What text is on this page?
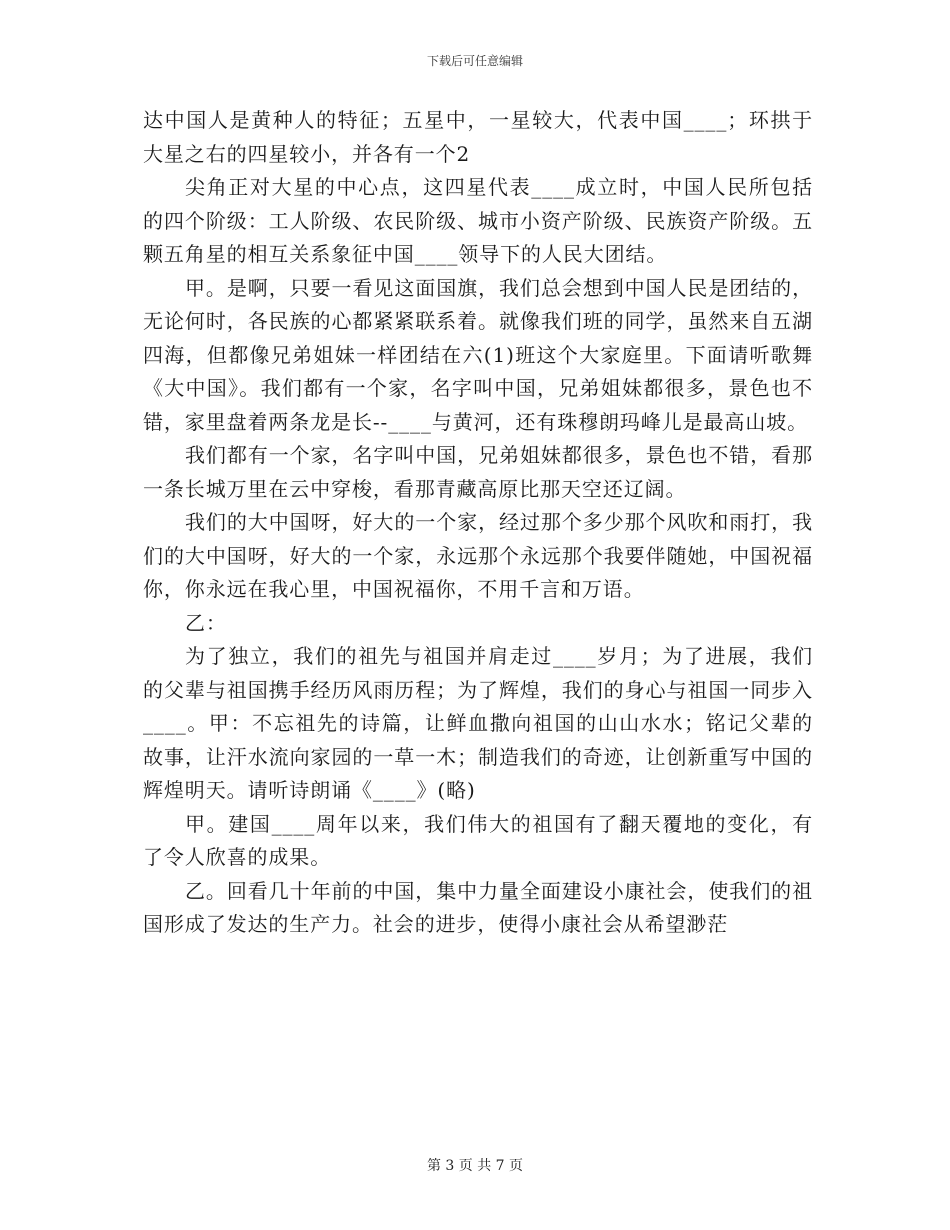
下载后可任意编辑

达中国人是黄种人的特征；五星中，一星较大，代表中国____；环拱于大星之右的四星较小，并各有一个2

尖角正对大星的中心点，这四星代表____成立时，中国人民所包括的四个阶级：工人阶级、农民阶级、城市小资产阶级、民族资产阶级。五颗五角星的相互关系象征中国____领导下的人民大团结。

甲。是啊，只要一看见这面国旗，我们总会想到中国人民是团结的，无论何时，各民族的心都紧紧联系着。就像我们班的同学，虽然来自五湖四海，但都像兄弟姐妹一样团结在六(1)班这个大家庭里。下面请听歌舞《大中国》。我们都有一个家，名字叫中国，兄弟姐妹都很多，景色也不错，家里盘着两条龙是长--____与黄河，还有珠穆朗玛峰儿是最高山坡。

我们都有一个家，名字叫中国，兄弟姐妹都很多，景色也不错，看那一条长城万里在云中穿梭，看那青藏高原比那天空还辽阔。

我们的大中国呀，好大的一个家，经过那个多少那个风吹和雨打，我们的大中国呀，好大的一个家，永远那个永远那个我要伴随她，中国祝福你，你永远在我心里，中国祝福你，不用千言和万语。

乙：

为了独立，我们的祖先与祖国并肩走过____岁月；为了进展，我们的父辈与祖国携手经历风雨历程；为了辉煌，我们的身心与祖国一同步入____。甲：不忘祖先的诗篇，让鲜血撒向祖国的山山水水；铭记父辈的故事，让汗水流向家园的一草一木；制造我们的奇迹，让创新重写中国的辉煌明天。请听诗朗诵《____》(略)

甲。建国____周年以来，我们伟大的祖国有了翻天覆地的变化，有了令人欣喜的成果。

乙。回看几十年前的中国，集中力量全面建设小康社会，使我们的祖国形成了发达的生产力。社会的进步，使得小康社会从希望渺茫

第 3 页 共 7 页
